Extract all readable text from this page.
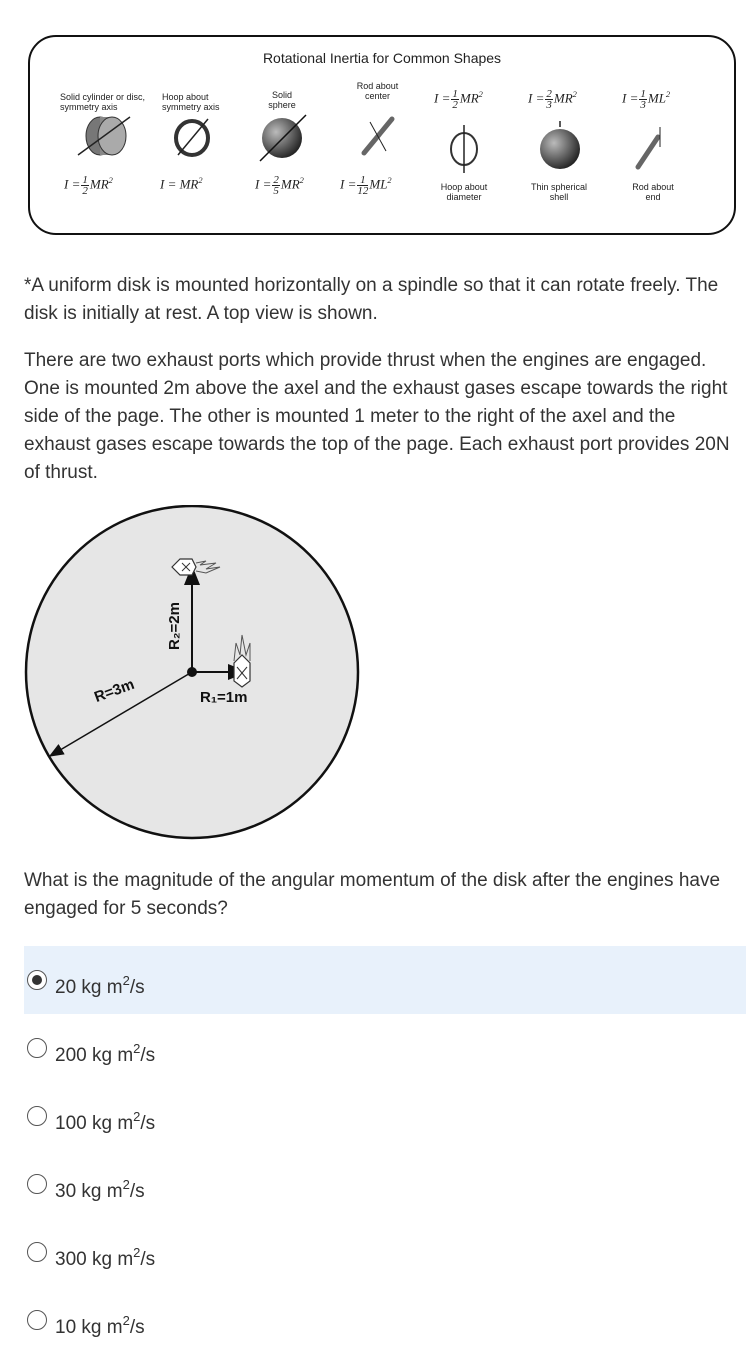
Rotational Inertia for Common Shapes
Solid cylinder or disc, symmetry axis
Hoop about symmetry axis
Solid sphere
Rod about center
Hoop about diameter
Thin spherical shell
Rod about end
$I = \frac{1}{2} MR^2$	$I = MR^2$	$I = \frac{2}{5} MR^2$	$I = \frac{1}{12} ML^2$
$I = \frac{1}{2} MR^2$	$I = \frac{2}{3} MR^2$	$I = \frac{1}{3} ML^2$

*A uniform disk is mounted horizontally on a spindle so that it can rotate freely. The disk is initially at rest. A top view is shown.

There are two exhaust ports which provide thrust when the engines are engaged. One is mounted 2m above the axel and the exhaust gases escape towards the right side of the page. The other is mounted 1 meter to the right of the axel and the exhaust gases escape towards the top of the page. Each exhaust port provides 20N of thrust.

R=3m
R₂=2m
R₁=1m

What is the magnitude of the angular momentum of the disk after the engines have engaged for 5 seconds?

20 kg $m^2/s$
200 kg $m^2/s$
100 kg $m^2/s$
30 kg $m^2/s$
300 kg $m^2/s$
10 kg $m^2/s$
